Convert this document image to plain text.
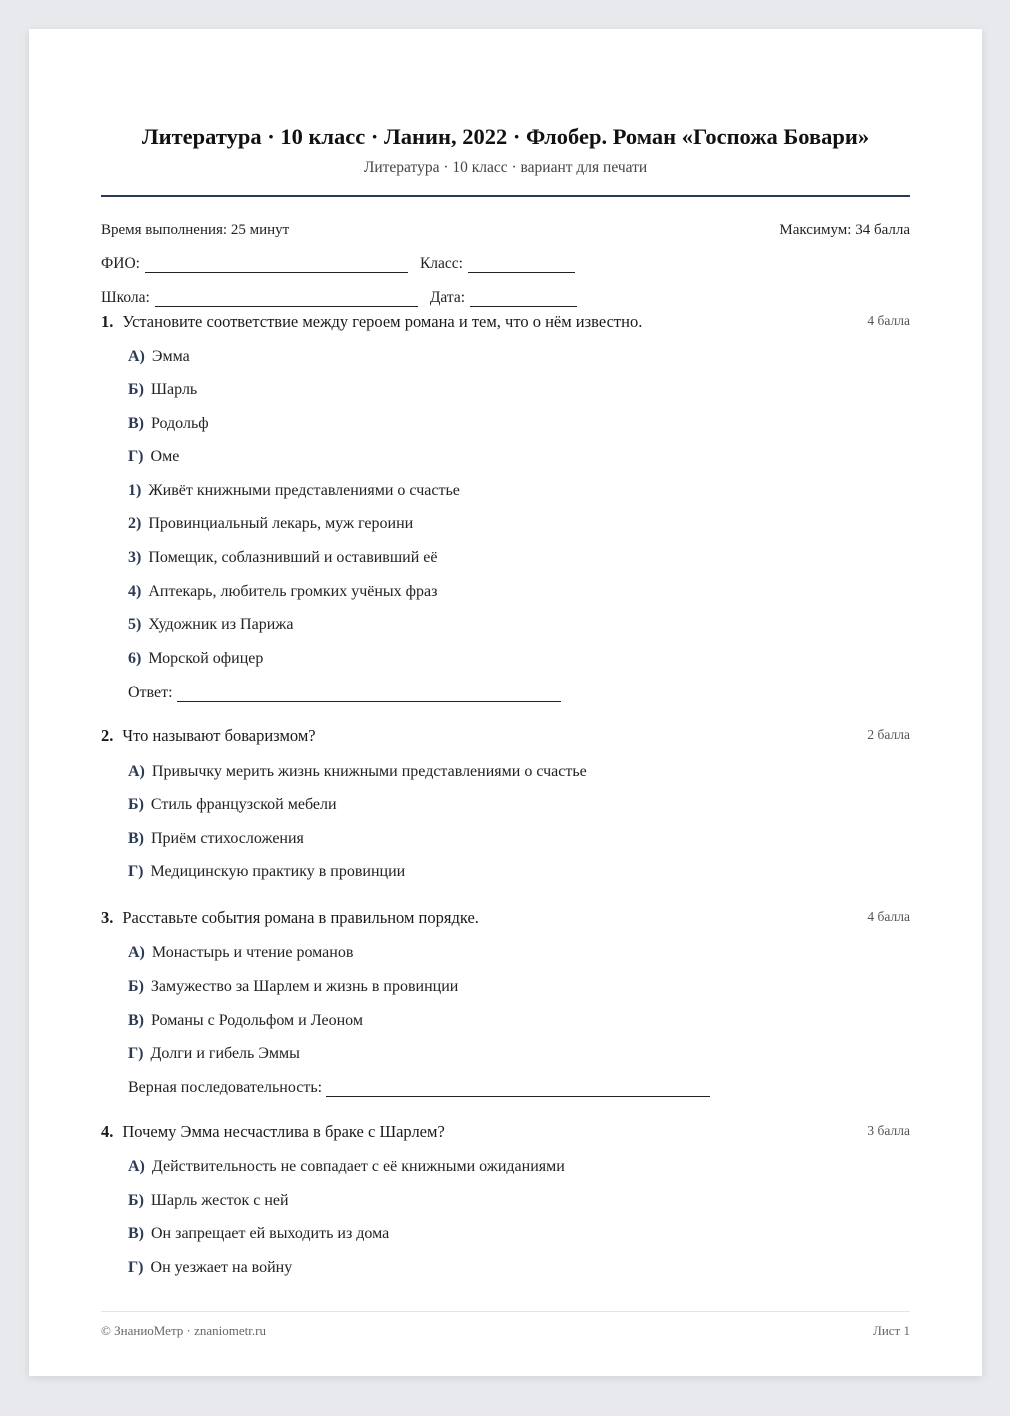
Литература · 10 класс · Ланин, 2022 · Флобер. Роман «Госпожа Бовари»
Литература · 10 класс · вариант для печати
Время выполнения: 25 минут	Максимум: 34 балла
ФИО:	Класс:
Школа:	Дата:
1. Установите соответствие между героем романа и тем, что о нём известно.	4 балла
А) Эмма
Б) Шарль
В) Родольф
Г) Оме
1) Живёт книжными представлениями о счастье
2) Провинциальный лекарь, муж героини
3) Помещик, соблазнивший и оставивший её
4) Аптекарь, любитель громких учёных фраз
5) Художник из Парижа
6) Морской офицер
Ответ:
2. Что называют боваризмом?	2 балла
А) Привычку мерить жизнь книжными представлениями о счастье
Б) Стиль французской мебели
В) Приём стихосложения
Г) Медицинскую практику в провинции
3. Расставьте события романа в правильном порядке.	4 балла
А) Монастырь и чтение романов
Б) Замужество за Шарлем и жизнь в провинции
В) Романы с Родольфом и Леоном
Г) Долги и гибель Эммы
Верная последовательность:
4. Почему Эмма несчастлива в браке с Шарлем?	3 балла
А) Действительность не совпадает с её книжными ожиданиями
Б) Шарль жесток с ней
В) Он запрещает ей выходить из дома
Г) Он уезжает на войну
© ЗнаниоМетр · znaniometr.ru	Лист 1
